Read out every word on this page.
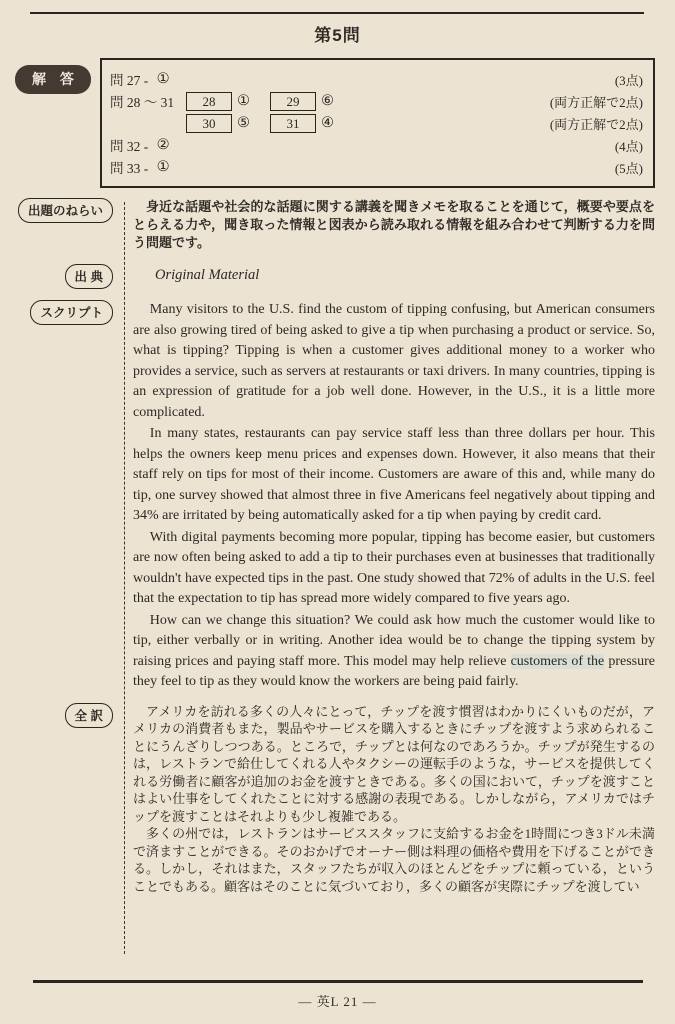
第5問
解 答	問 27 - ①	(3点)
問 28 〜 31	28	①	29	⑥	(両方正解で2点)
30	⑤	31	④	(両方正解で2点)
問 32 - ②	(4点)
問 33 - ①	(5点)
出題のねらい	身近な話題や社会的な話題に関する講義を聞きメモを取ることを通じて，概要や要点をとらえる力や，聞き取った情報と図表から読み取れる情報を組み合わせて判断する力を問う問題です。

出 典	Original Material
スクリプト	Many visitors to the U.S. find the custom of tipping confusing, but American consumers are also growing tired of being asked to give a tip when purchasing a product or service. So, what is tipping? Tipping is when a customer gives additional money to a worker who provides a service, such as servers at restaurants or taxi drivers. In many countries, tipping is an expression of gratitude for a job well done. However, in the U.S., it is a little more complicated.

In many states, restaurants can pay service staff less than three dollars per hour. This helps the owners keep menu prices and expenses down. However, it also means that their staff rely on tips for most of their income. Customers are aware of this and, while many do tip, one survey showed that almost three in five Americans feel negatively about tipping and 34% are irritated by being automatically asked for a tip when paying by credit card.

With digital payments becoming more popular, tipping has become easier, but customers are now often being asked to add a tip to their purchases even at businesses that traditionally wouldn't have expected tips in the past. One study showed that 72% of adults in the U.S. feel that the expectation to tip has spread more widely compared to five years ago.

How can we change this situation? We could ask how much the customer would like to tip, either verbally or in writing. Another idea would be to change the tipping system by raising prices and paying staff more. This model may help relieve customers of the pressure they feel to tip as they would know the workers are being paid fairly.

全 訳	アメリカを訪れる多くの人々にとって，チップを渡す慣習はわかりにくいものだが，アメリカの消費者もまた，製品やサービスを購入するときにチップを渡すよう求められることにうんざりしつつある。ところで，チップとは何なのであろうか。チップが発生するのは，レストランで給仕してくれる人やタクシーの運転手のような，サービスを提供してくれる労働者に顧客が追加のお金を渡すときである。多くの国において，チップを渡すことはよい仕事をしてくれたことに対する感謝の表現である。しかしながら，アメリカではチップを渡すことはそれよりも少し複雑である。

多くの州では，レストランはサービススタッフに支給するお金を1時間につき3ドル未満で済ますことができる。そのおかげでオーナー側は料理の価格や費用を下げることができる。しかし，それはまた，スタッフたちが収入のほとんどをチップに頼っている，ということでもある。顧客はそのことに気づいており，多くの顧客が実際にチップを渡してい

— 英L 21 —
